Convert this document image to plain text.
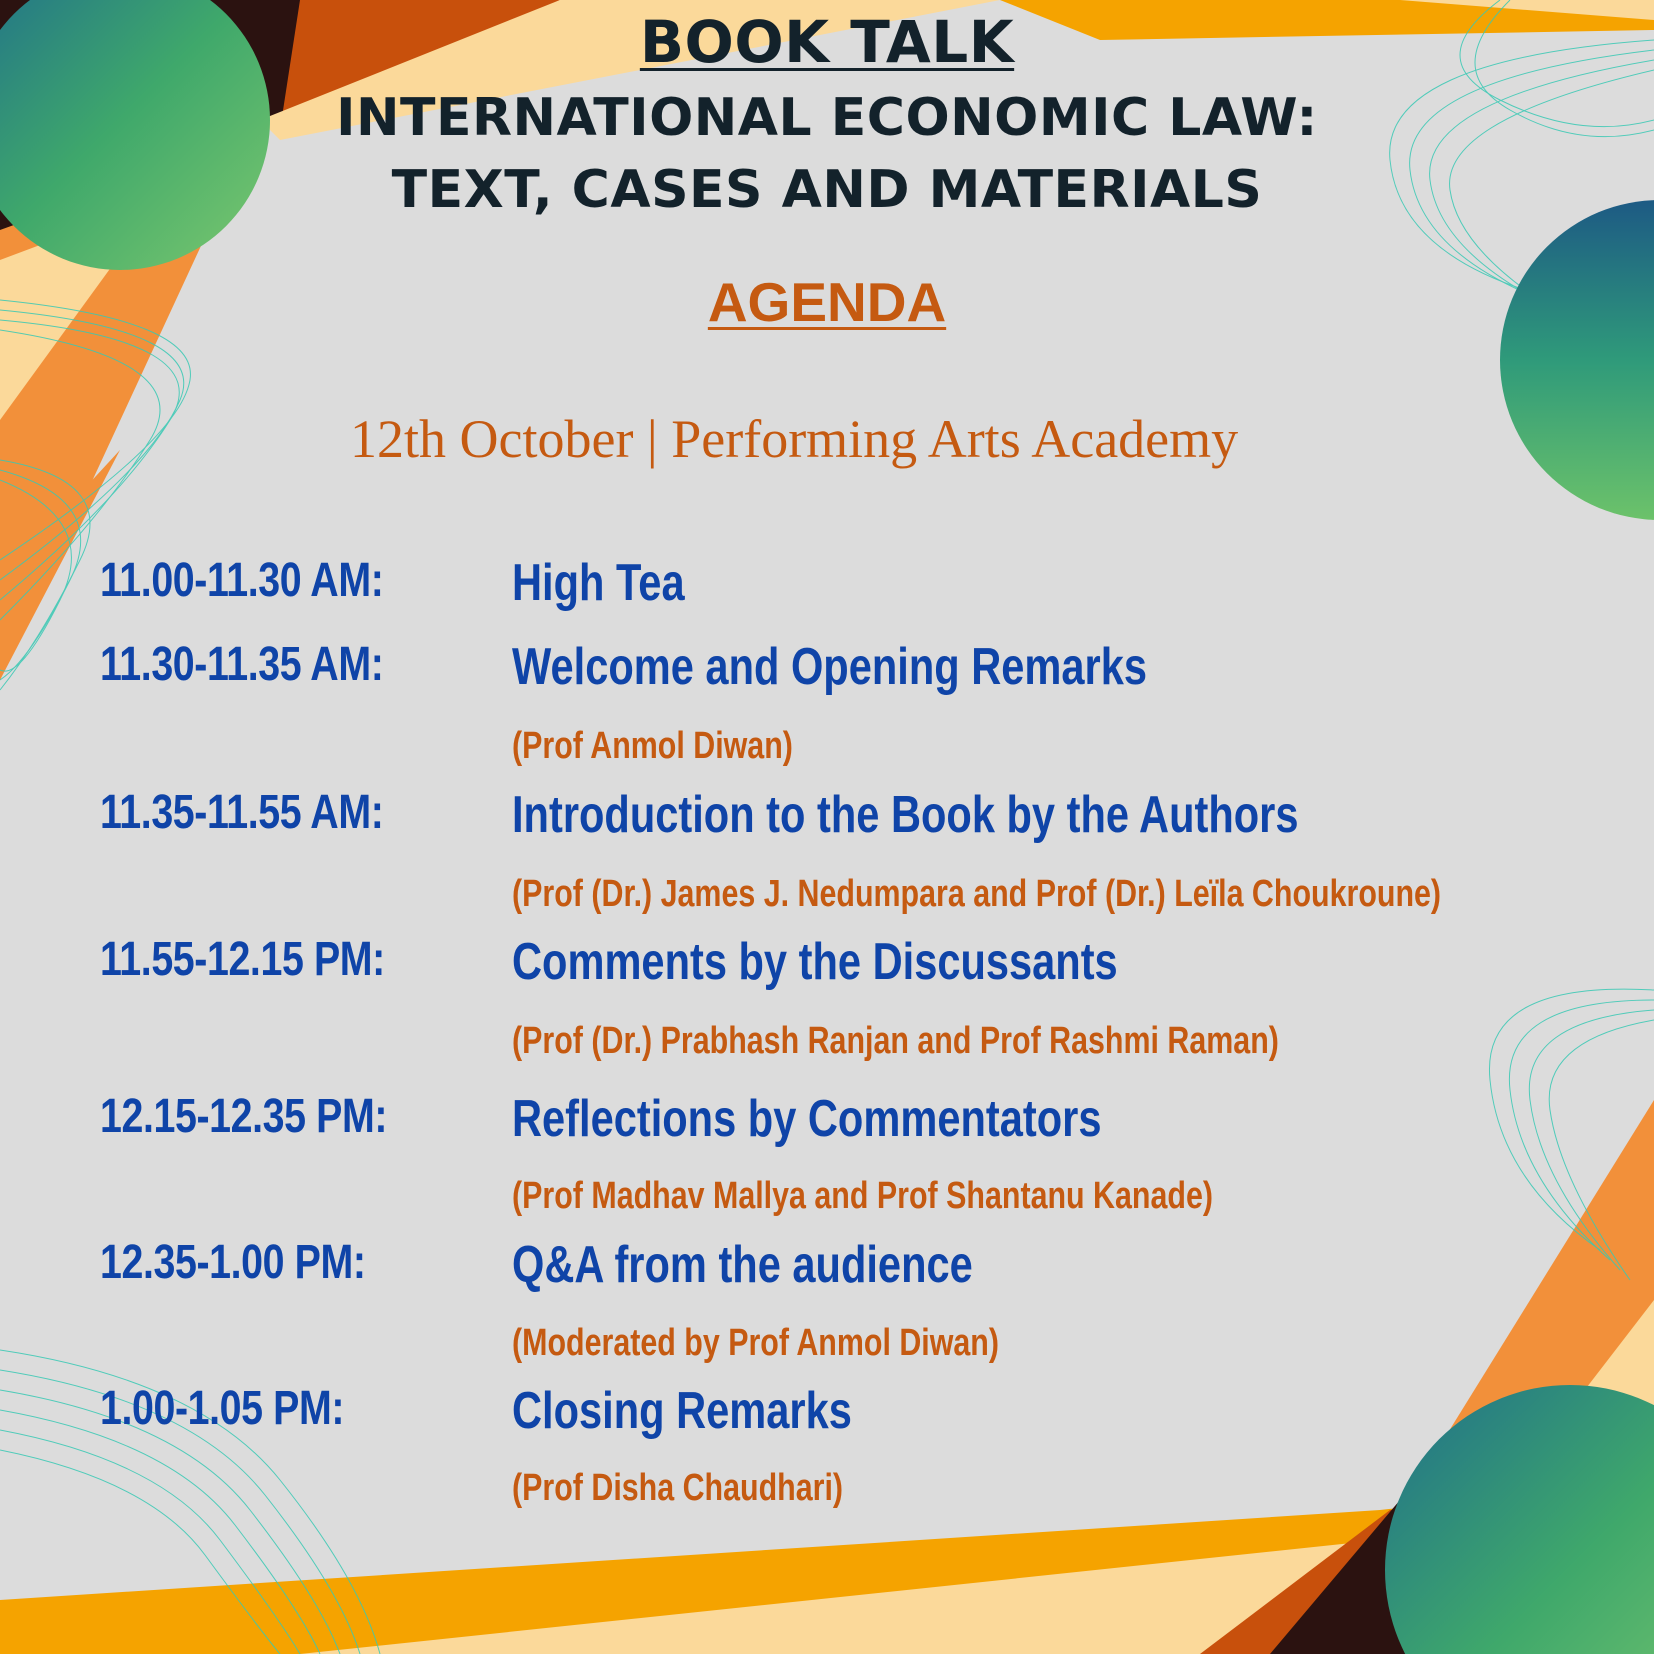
BOOK TALK
INTERNATIONAL ECONOMIC LAW:
TEXT, CASES AND MATERIALS
AGENDA
12th October | Performing Arts Academy
11.00-11.30 AM: High Tea
11.30-11.35 AM: Welcome and Opening Remarks
(Prof Anmol Diwan)
11.35-11.55 AM: Introduction to the Book by the Authors
(Prof (Dr.) James J. Nedumpara and Prof (Dr.) Leïla Choukroune)
11.55-12.15 PM: Comments by the Discussants
(Prof (Dr.) Prabhash Ranjan and Prof Rashmi Raman)
12.15-12.35 PM: Reflections by Commentators
(Prof Madhav Mallya and Prof Shantanu Kanade)
12.35-1.00 PM:	Q&A from the audience
(Moderated by Prof Anmol Diwan)
1.00-1.05 PM:	Closing Remarks
(Prof Disha Chaudhari)
